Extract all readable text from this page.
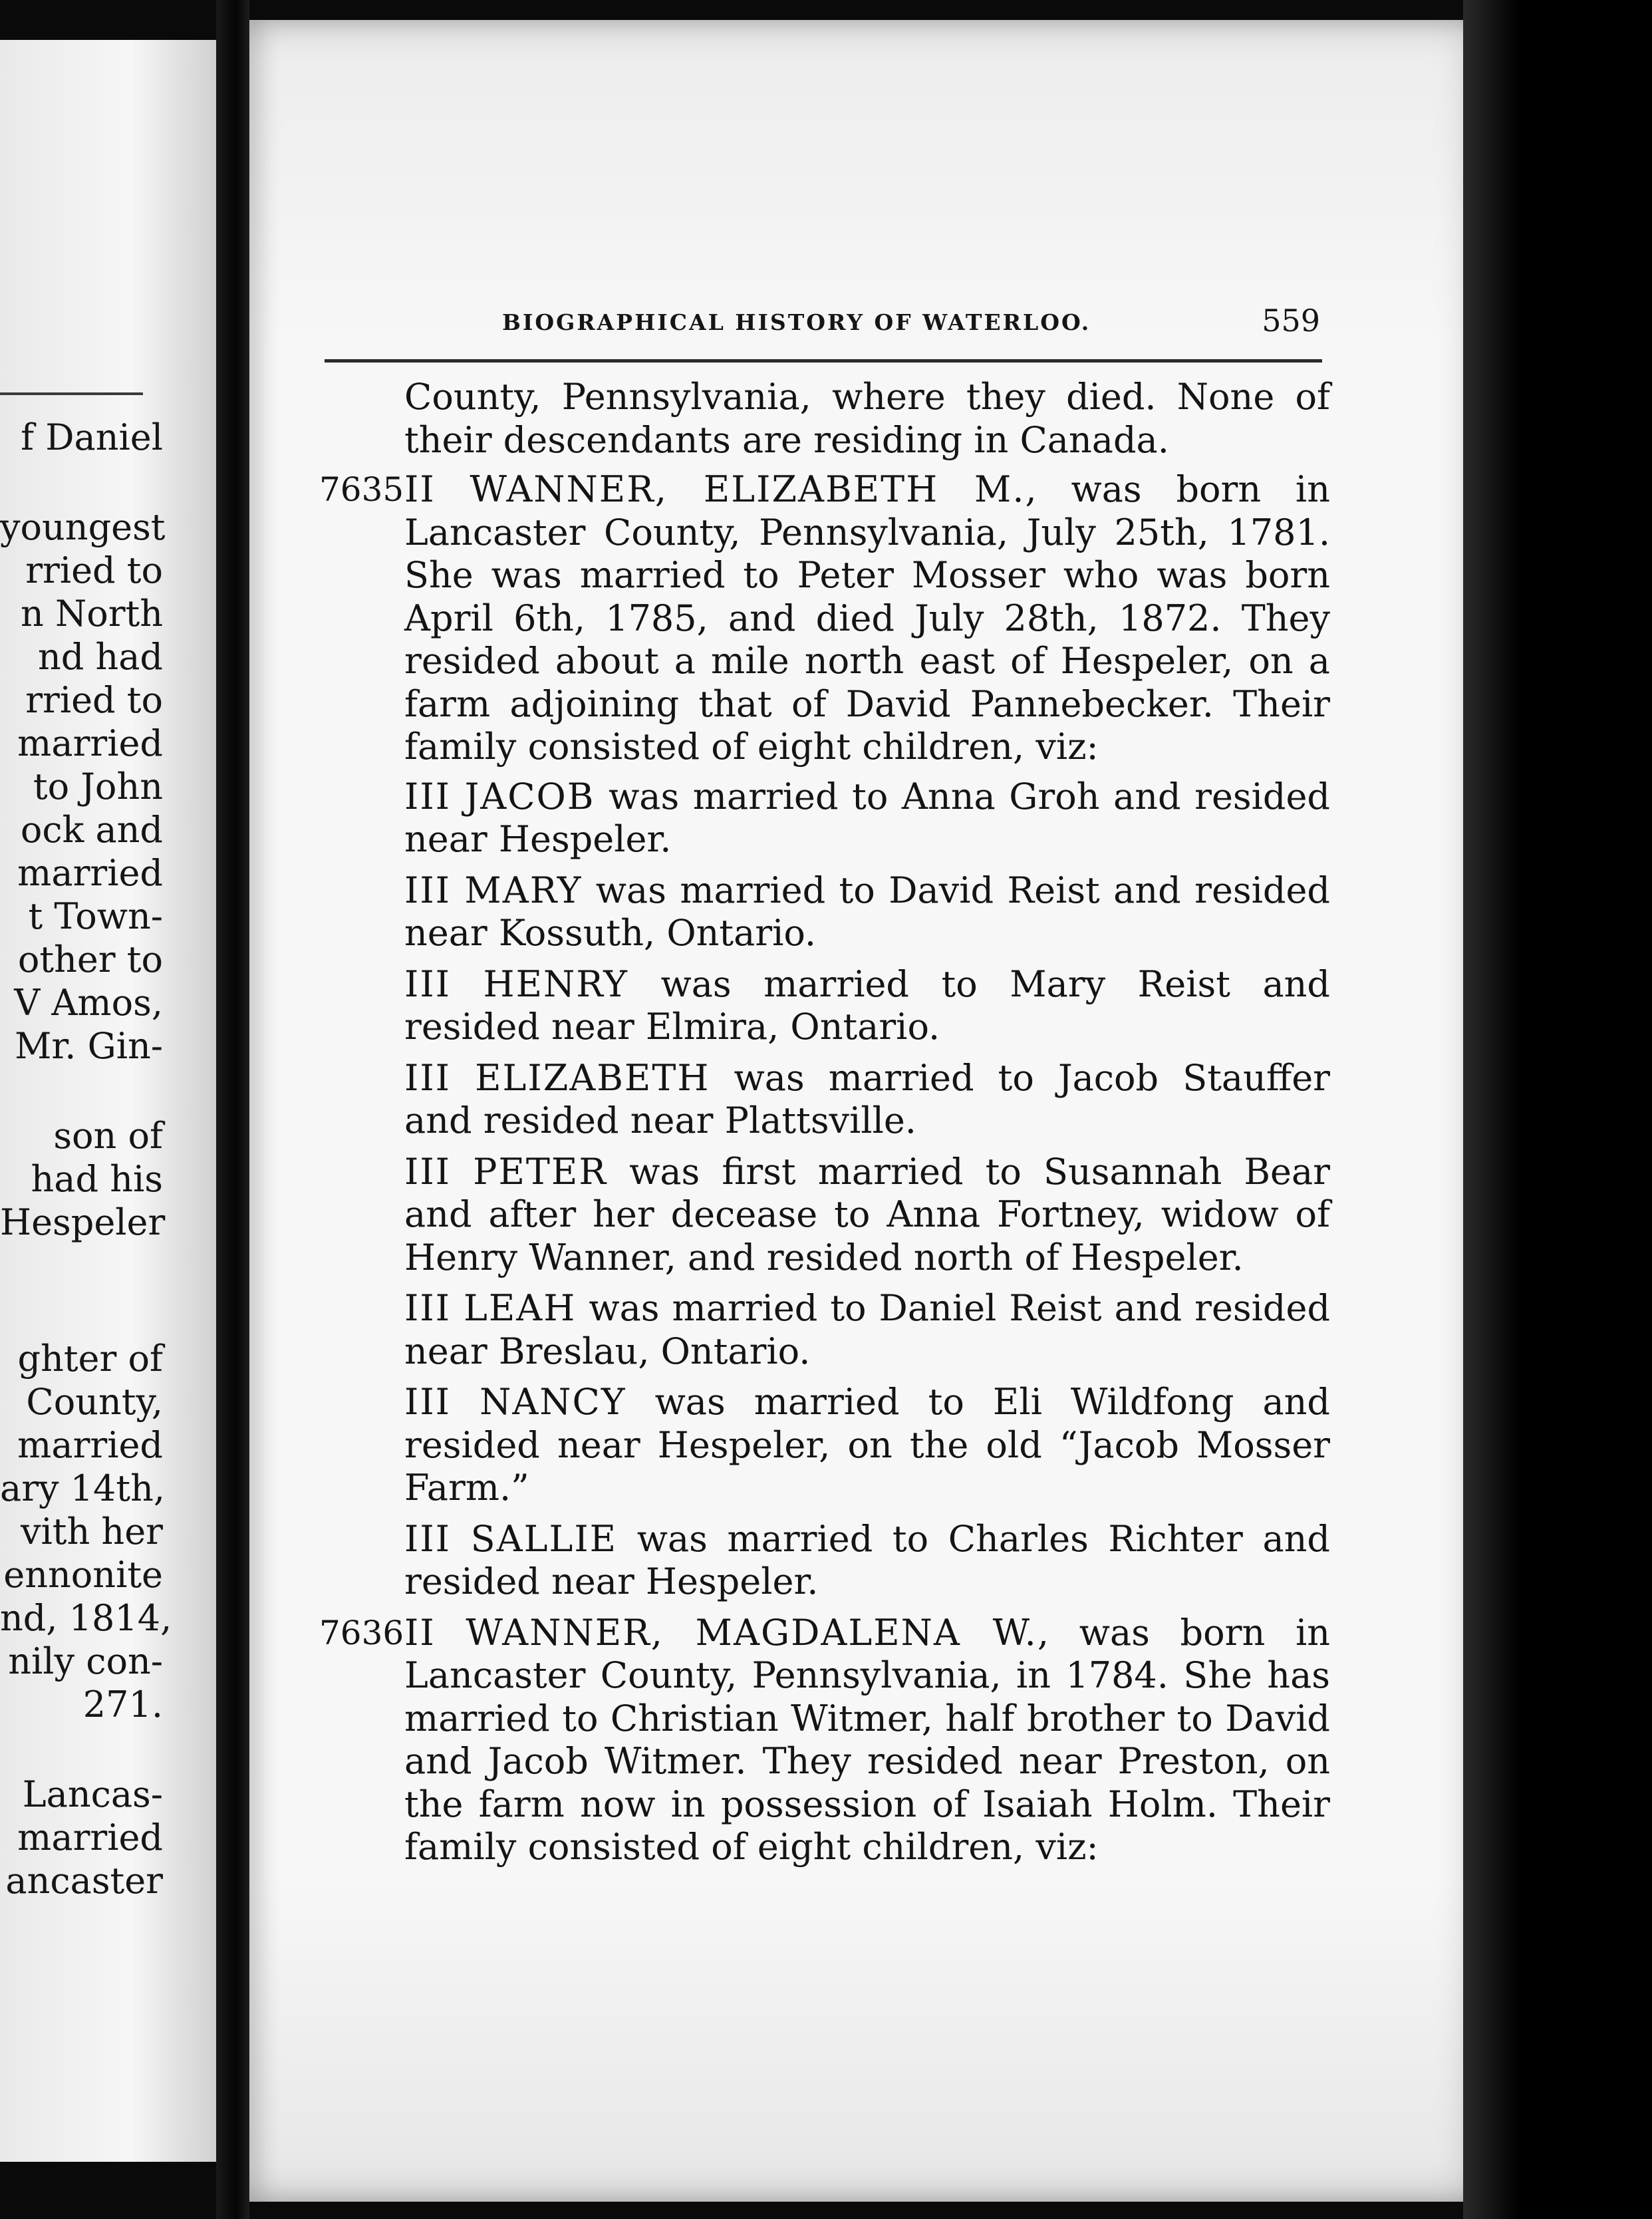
f Daniel
youngest
rried to
n North
nd had
rried to
married
to John
ock and
married
t Town-
other to
V Amos,
Mr. Gin-
son of
had his
Hespeler
ghter of
County,
married
ary 14th,
vith her
ennonite
nd, 1814,
nily con-
271.
Lancas-
married
ancaster
BIOGRAPHICAL HISTORY OF WATERLOO.	559

County, Pennsylvania, where they died. None of their descendants are residing in Canada.

7635 II WANNER, ELIZABETH M., was born in Lancaster County, Pennsylvania, July 25th, 1781. She was married to Peter Mosser who was born April 6th, 1785, and died July 28th, 1872. They resided about a mile north east of Hespeler, on a farm adjoining that of David Pannebecker. Their family consisted of eight children, viz:

III JACOB was married to Anna Groh and resided near Hespeler.

III MARY was married to David Reist and resided near Kossuth, Ontario.

III HENRY was married to Mary Reist and resided near Elmira, Ontario.

III ELIZABETH was married to Jacob Stauffer and resided near Plattsville.

III PETER was first married to Susannah Bear and after her decease to Anna Fortney, widow of Henry Wanner, and resided north of Hespeler.

III LEAH was married to Daniel Reist and resided near Breslau, Ontario.

III NANCY was married to Eli Wildfong and resided near Hespeler, on the old “Jacob Mosser Farm.”

III SALLIE was married to Charles Richter and resided near Hespeler.

7636 II WANNER, MAGDALENA W., was born in Lancaster County, Pennsylvania, in 1784. She has married to Christian Witmer, half brother to David and Jacob Witmer. They resided near Preston, on the farm now in possession of Isaiah Holm. Their family consisted of eight children, viz:
